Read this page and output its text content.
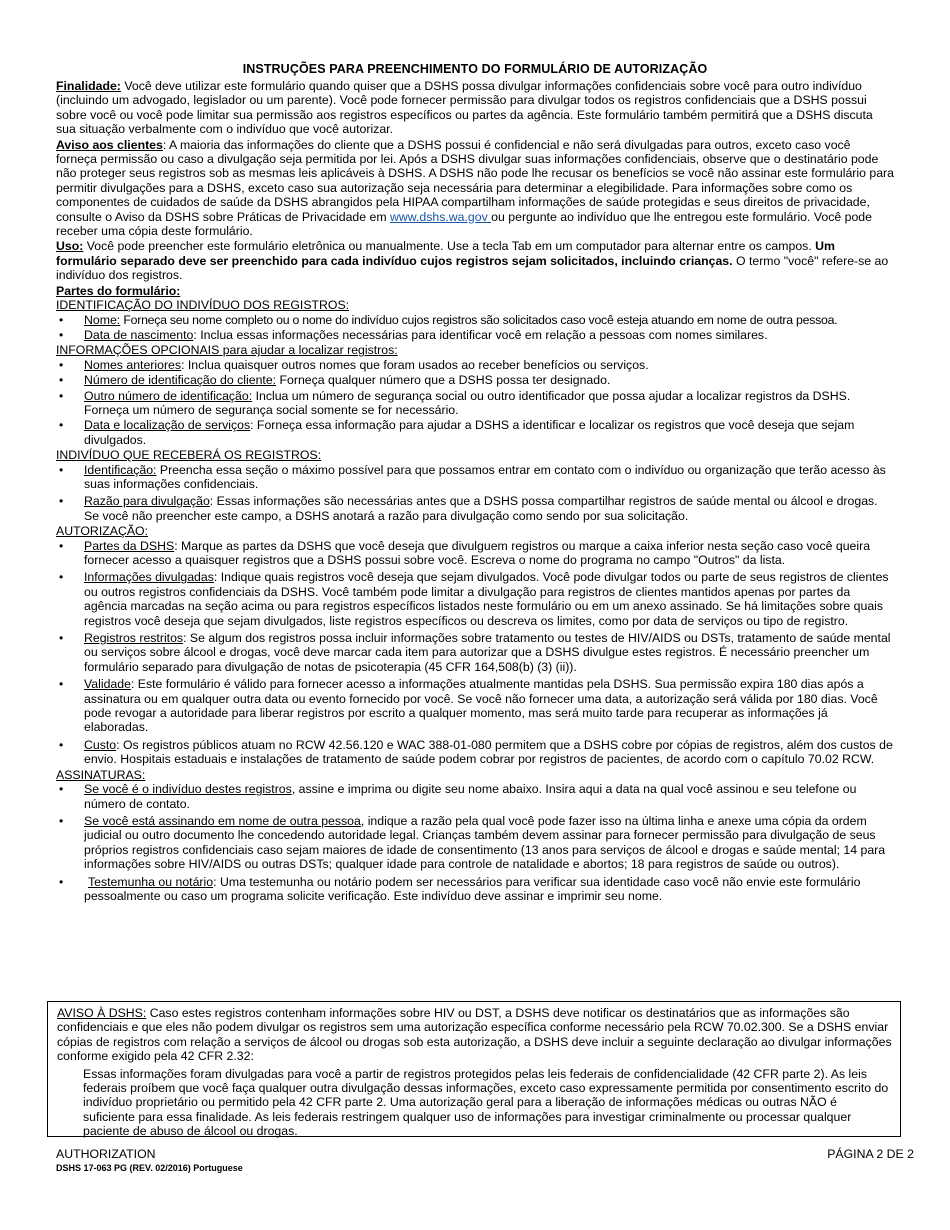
INSTRUÇÕES PARA PREENCHIMENTO DO FORMULÁRIO DE AUTORIZAÇÃO

Finalidade: Você deve utilizar este formulário quando quiser que a DSHS possa divulgar informações confidenciais sobre você para outro indivíduo (incluindo um advogado, legislador ou um parente). Você pode fornecer permissão para divulgar todos os registros confidenciais que a DSHS possui sobre você ou você pode limitar sua permissão aos registros específicos ou partes da agência. Este formulário também permitirá que a DSHS discuta sua situação verbalmente com o indivíduo que você autorizar.

Aviso aos clientes: A maioria das informações do cliente que a DSHS possui é confidencial e não será divulgadas para outros, exceto caso você forneça permissão ou caso a divulgação seja permitida por lei. Após a DSHS divulgar suas informações confidenciais, observe que o destinatário pode não proteger seus registros sob as mesmas leis aplicáveis à DSHS. A DSHS não pode lhe recusar os benefícios se você não assinar este formulário para permitir divulgações para a DSHS, exceto caso sua autorização seja necessária para determinar a elegibilidade. Para informações sobre como os componentes de cuidados de saúde da DSHS abrangidos pela HIPAA compartilham informações de saúde protegidas e seus direitos de privacidade, consulte o Aviso da DSHS sobre Práticas de Privacidade em www.dshs.wa.gov ou pergunte ao indivíduo que lhe entregou este formulário. Você pode receber uma cópia deste formulário.

Uso: Você pode preencher este formulário eletrônica ou manualmente. Use a tecla Tab em um computador para alternar entre os campos. Um formulário separado deve ser preenchido para cada indivíduo cujos registros sejam solicitados, incluindo crianças. O termo "você" refere-se ao indivíduo dos registros.

Partes do formulário:
IDENTIFICAÇÃO DO INDIVÍDUO DOS REGISTROS:
• Nome: Forneça seu nome completo ou o nome do indivíduo cujos registros são solicitados caso você esteja atuando em nome de outra pessoa.
• Data de nascimento: Inclua essas informações necessárias para identificar você em relação a pessoas com nomes similares.
INFORMAÇÕES OPCIONAIS para ajudar a localizar registros:
• Nomes anteriores: Inclua quaisquer outros nomes que foram usados ao receber benefícios ou serviços.
• Número de identificação do cliente: Forneça qualquer número que a DSHS possa ter designado.
• Outro número de identificação: Inclua um número de segurança social ou outro identificador que possa ajudar a localizar registros da DSHS. Forneça um número de segurança social somente se for necessário.
• Data e localização de serviços: Forneça essa informação para ajudar a DSHS a identificar e localizar os registros que você deseja que sejam divulgados.
INDIVÍDUO QUE RECEBERÁ OS REGISTROS:
• Identificação: Preencha essa seção o máximo possível para que possamos entrar em contato com o indivíduo ou organização que terão acesso às suas informações confidenciais.
• Razão para divulgação: Essas informações são necessárias antes que a DSHS possa compartilhar registros de saúde mental ou álcool e drogas. Se você não preencher este campo, a DSHS anotará a razão para divulgação como sendo por sua solicitação.
AUTORIZAÇÃO:
• Partes da DSHS: Marque as partes da DSHS que você deseja que divulguem registros ou marque a caixa inferior nesta seção caso você queira fornecer acesso a quaisquer registros que a DSHS possui sobre você. Escreva o nome do programa no campo "Outros" da lista.
• Informações divulgadas: Indique quais registros você deseja que sejam divulgados. Você pode divulgar todos ou parte de seus registros de clientes ou outros registros confidenciais da DSHS. Você também pode limitar a divulgação para registros de clientes mantidos apenas por partes da agência marcadas na seção acima ou para registros específicos listados neste formulário ou em um anexo assinado. Se há limitações sobre quais registros você deseja que sejam divulgados, liste registros específicos ou descreva os limites, como por data de serviços ou tipo de registro.
• Registros restritos: Se algum dos registros possa incluir informações sobre tratamento ou testes de HIV/AIDS ou DSTs, tratamento de saúde mental ou serviços sobre álcool e drogas, você deve marcar cada item para autorizar que a DSHS divulgue estes registros. É necessário preencher um formulário separado para divulgação de notas de psicoterapia (45 CFR 164,508(b) (3) (ii)).
• Validade: Este formulário é válido para fornecer acesso a informações atualmente mantidas pela DSHS. Sua permissão expira 180 dias após a assinatura ou em qualquer outra data ou evento fornecido por você. Se você não fornecer uma data, a autorização será válida por 180 dias. Você pode revogar a autoridade para liberar registros por escrito a qualquer momento, mas será muito tarde para recuperar as informações já elaboradas.
• Custo: Os registros públicos atuam no RCW 42.56.120 e WAC 388-01-080 permitem que a DSHS cobre por cópias de registros, além dos custos de envio. Hospitais estaduais e instalações de tratamento de saúde podem cobrar por registros de pacientes, de acordo com o capítulo 70.02 RCW.
ASSINATURAS:
• Se você é o indivíduo destes registros, assine e imprima ou digite seu nome abaixo. Insira aqui a data na qual você assinou e seu telefone ou número de contato.
• Se você está assinando em nome de outra pessoa, indique a razão pela qual você pode fazer isso na última linha e anexe uma cópia da ordem judicial ou outro documento lhe concedendo autoridade legal. Crianças também devem assinar para fornecer permissão para divulgação de seus próprios registros confidenciais caso sejam maiores de idade de consentimento (13 anos para serviços de álcool e drogas e saúde mental; 14 para informações sobre HIV/AIDS ou outras DSTs; qualquer idade para controle de natalidade e abortos; 18 para registros de saúde ou outros).
• Testemunha ou notário: Uma testemunha ou notário podem ser necessários para verificar sua identidade caso você não envie este formulário pessoalmente ou caso um programa solicite verificação. Este indivíduo deve assinar e imprimir seu nome.

AVISO À DSHS: Caso estes registros contenham informações sobre HIV ou DST, a DSHS deve notificar os destinatários que as informações são confidenciais e que eles não podem divulgar os registros sem uma autorização específica conforme necessário pela RCW 70.02.300. Se a DSHS enviar cópias de registros com relação a serviços de álcool ou drogas sob esta autorização, a DSHS deve incluir a seguinte declaração ao divulgar informações conforme exigido pela 42 CFR 2.32:

Essas informações foram divulgadas para você a partir de registros protegidos pelas leis federais de confidencialidade (42 CFR parte 2). As leis federais proíbem que você faça qualquer outra divulgação dessas informações, exceto caso expressamente permitida por consentimento escrito do indivíduo proprietário ou permitido pela 42 CFR parte 2. Uma autorização geral para a liberação de informações médicas ou outras NÃO é suficiente para essa finalidade. As leis federais restringem qualquer uso de informações para investigar criminalmente ou processar qualquer paciente de abuso de álcool ou drogas.
AUTHORIZATION
DSHS 17-063 PG (REV. 02/2016) Portuguese
PÁGINA 2 DE 2
